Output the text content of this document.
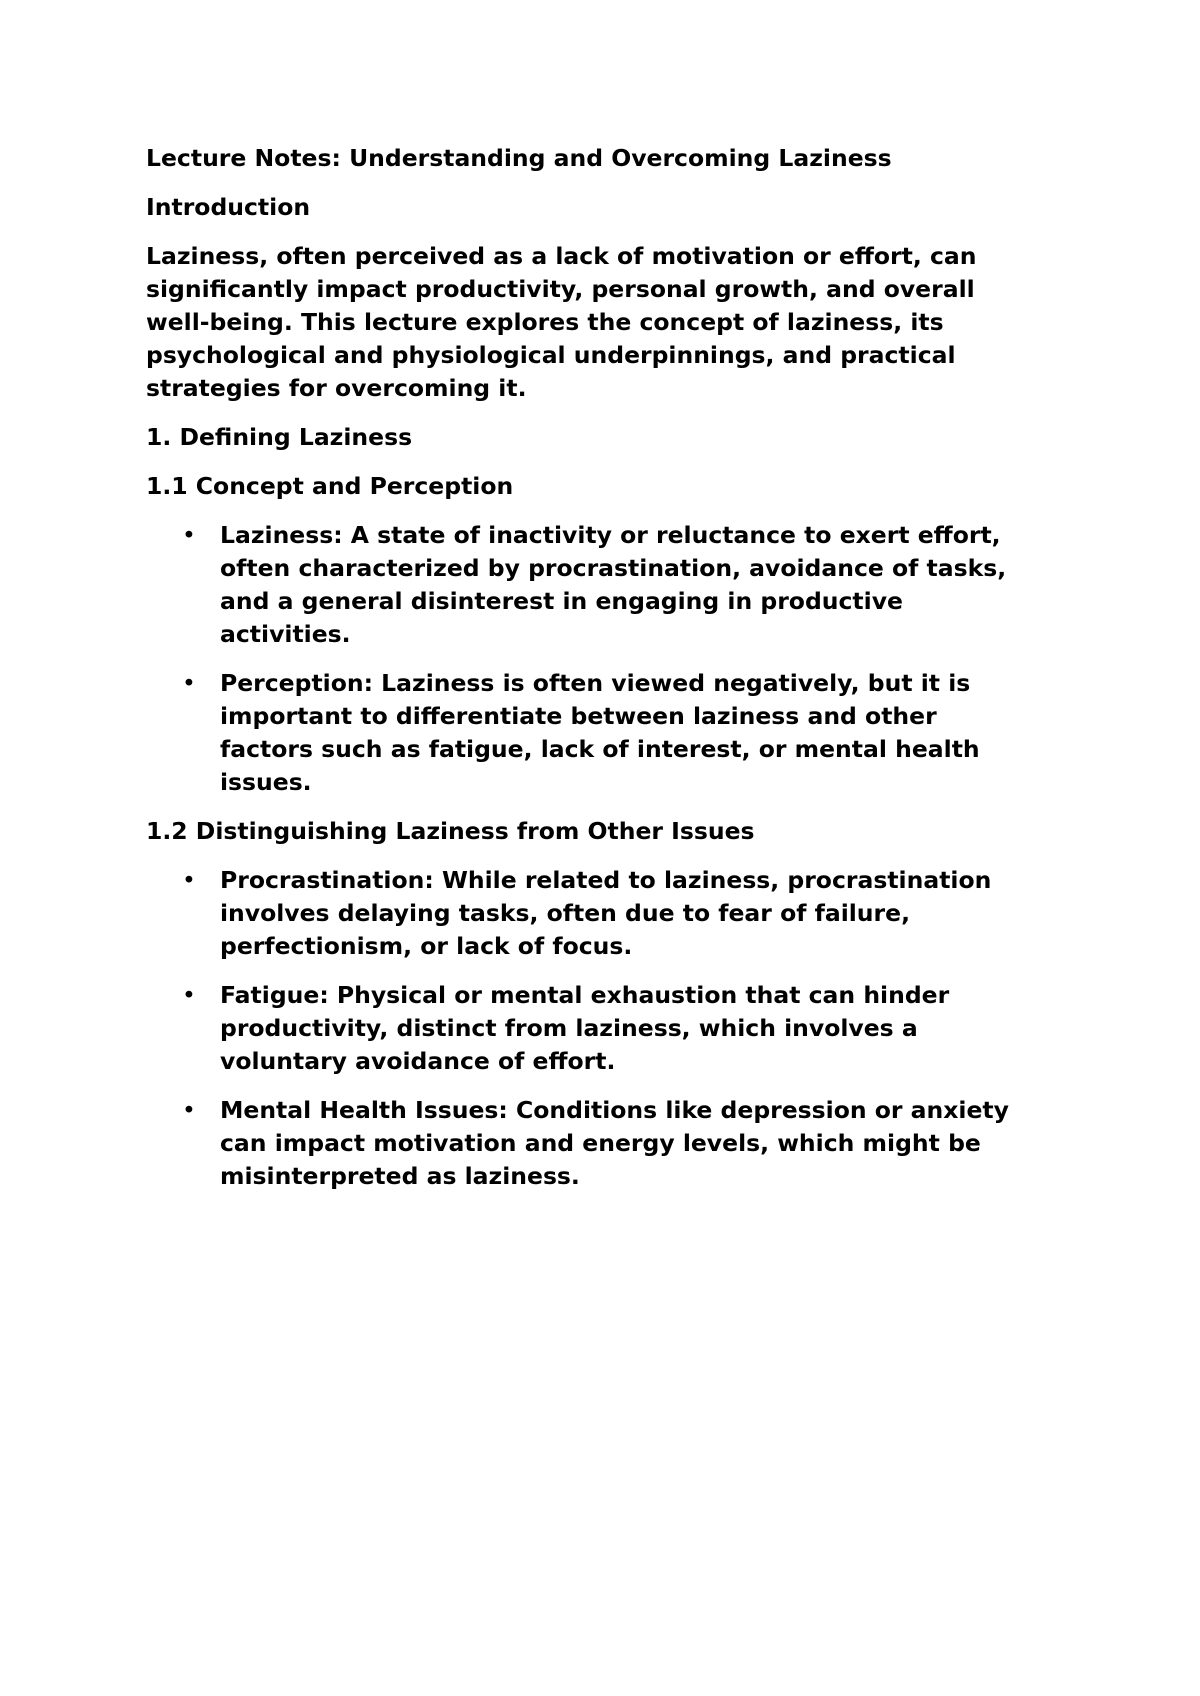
Lecture Notes: Understanding and Overcoming Laziness
Introduction
Laziness, often perceived as a lack of motivation or effort, can
significantly impact productivity, personal growth, and overall
well-being. This lecture explores the concept of laziness, its
psychological and physiological underpinnings, and practical
strategies for overcoming it.
1. Defining Laziness
1.1 Concept and Perception
• Laziness: A state of inactivity or reluctance to exert effort,
often characterized by procrastination, avoidance of tasks,
and a general disinterest in engaging in productive
activities.
• Perception: Laziness is often viewed negatively, but it is
important to differentiate between laziness and other
factors such as fatigue, lack of interest, or mental health
issues.
1.2 Distinguishing Laziness from Other Issues
• Procrastination: While related to laziness, procrastination
involves delaying tasks, often due to fear of failure,
perfectionism, or lack of focus.
• Fatigue: Physical or mental exhaustion that can hinder
productivity, distinct from laziness, which involves a
voluntary avoidance of effort.
• Mental Health Issues: Conditions like depression or anxiety
can impact motivation and energy levels, which might be
misinterpreted as laziness.
